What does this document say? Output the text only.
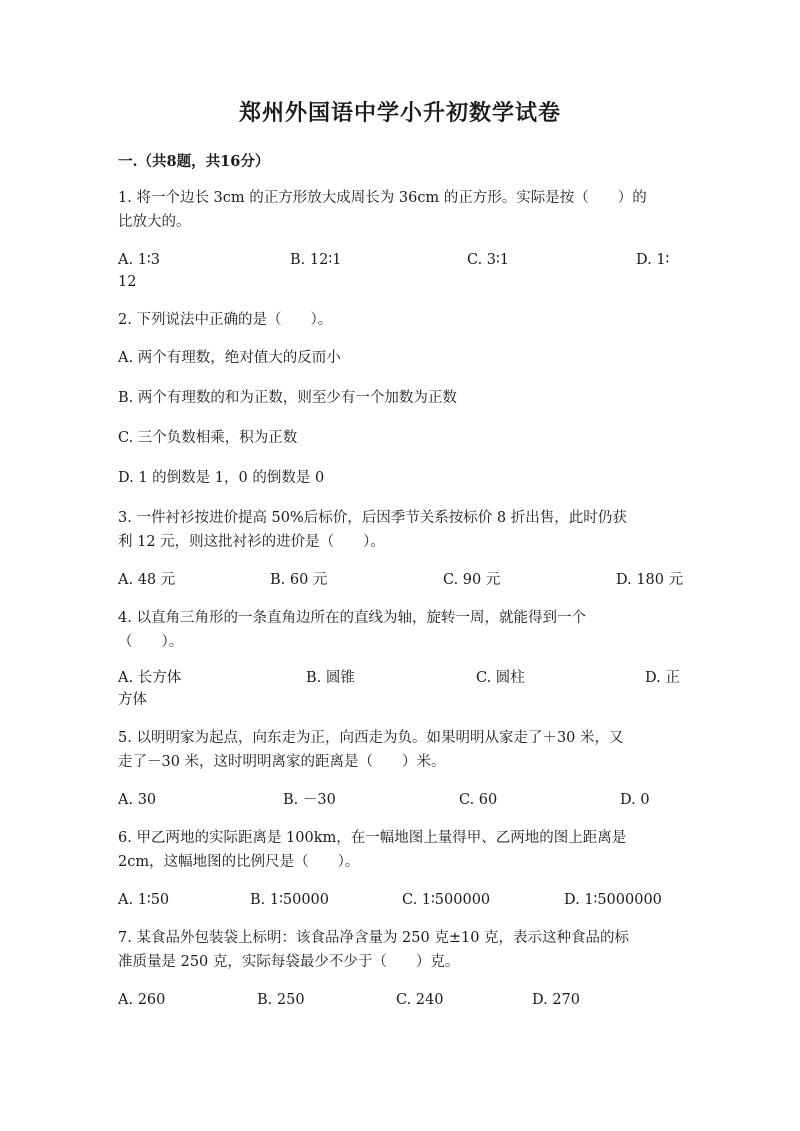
郑州外国语中学小升初数学试卷
一.（共8题，共16分）
1. 将一个边长 3cm 的正方形放大成周长为 36cm 的正方形。实际是按（　　）的
比放大的。
A. 1∶3	B. 12∶1	C. 3∶1	D. 1∶
12
2. 下列说法中正确的是（　　）。
A. 两个有理数，绝对值大的反而小
B. 两个有理数的和为正数，则至少有一个加数为正数
C. 三个负数相乘，积为正数
D. 1 的倒数是 1，0 的倒数是 0
3. 一件衬衫按进价提高 50%后标价，后因季节关系按标价 8 折出售，此时仍获
利 12 元，则这批衬衫的进价是（　　）。
A. 48 元	B. 60 元	C. 90 元	D. 180 元
4. 以直角三角形的一条直角边所在的直线为轴，旋转一周，就能得到一个
（　　）。
A. 长方体	B. 圆锥	C. 圆柱	D. 正
方体
5. 以明明家为起点，向东走为正，向西走为负。如果明明从家走了＋30 米，又
走了－30 米，这时明明离家的距离是（　　）米。
A. 30	B. －30	C. 60	D. 0
6. 甲乙两地的实际距离是 100km，在一幅地图上量得甲、乙两地的图上距离是
2cm，这幅地图的比例尺是（　　）。
A. 1∶50	B. 1∶50000	C. 1∶500000	D. 1∶5000000
7. 某食品外包装袋上标明：该食品净含量为 250 克±10 克，表示这种食品的标
准质量是 250 克，实际每袋最少不少于（　　）克。
A. 260	B. 250	C. 240	D. 270
